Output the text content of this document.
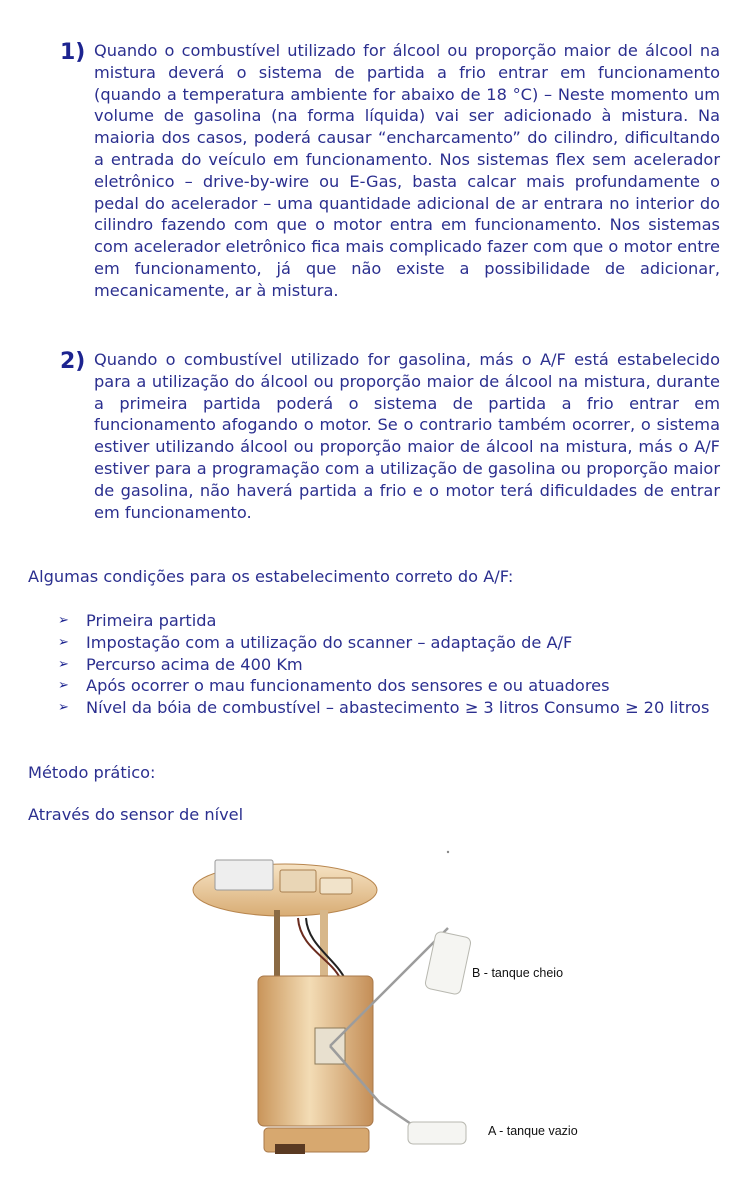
1) Quando o combustível utilizado for álcool ou proporção maior de álcool na mistura deverá o sistema de partida a frio entrar em funcionamento (quando a temperatura ambiente for abaixo de 18 °C) – Neste momento um volume de gasolina (na forma líquida) vai ser adicionado à mistura. Na maioria dos casos, poderá causar “encharcamento” do cilindro, dificultando a entrada do veículo em funcionamento. Nos sistemas flex sem acelerador eletrônico – drive-by-wire ou E-Gas, basta calcar mais profundamente o pedal do acelerador – uma quantidade adicional de ar entrara no interior do cilindro fazendo com que o motor entra em funcionamento. Nos sistemas com acelerador eletrônico fica mais complicado fazer com que o motor entre em funcionamento, já que não existe a possibilidade de adicionar, mecanicamente, ar à mistura.
2) Quando o combustível utilizado for gasolina, más o A/F está estabelecido para a utilização do álcool ou proporção maior de álcool na mistura, durante a primeira partida poderá o sistema de partida a frio entrar em funcionamento afogando o motor. Se o contrario também ocorrer, o sistema estiver utilizando álcool ou proporção maior de álcool na mistura, más o A/F estiver para a programação com a utilização de gasolina ou proporção maior de gasolina, não haverá partida a frio e o motor terá dificuldades de entrar em funcionamento.
Algumas condições para os estabelecimento correto do A/F:
➢ Primeira partida
➢ Impostação com a utilização do scanner – adaptação de A/F
➢ Percurso acima de 400 Km
➢ Após ocorrer o mau funcionamento dos sensores e ou atuadores
➢ Nível da bóia de combustível – abastecimento ≥ 3 litros Consumo ≥ 20 litros
Método prático:
Através do sensor de nível
B - tanque cheio
A - tanque vazio
